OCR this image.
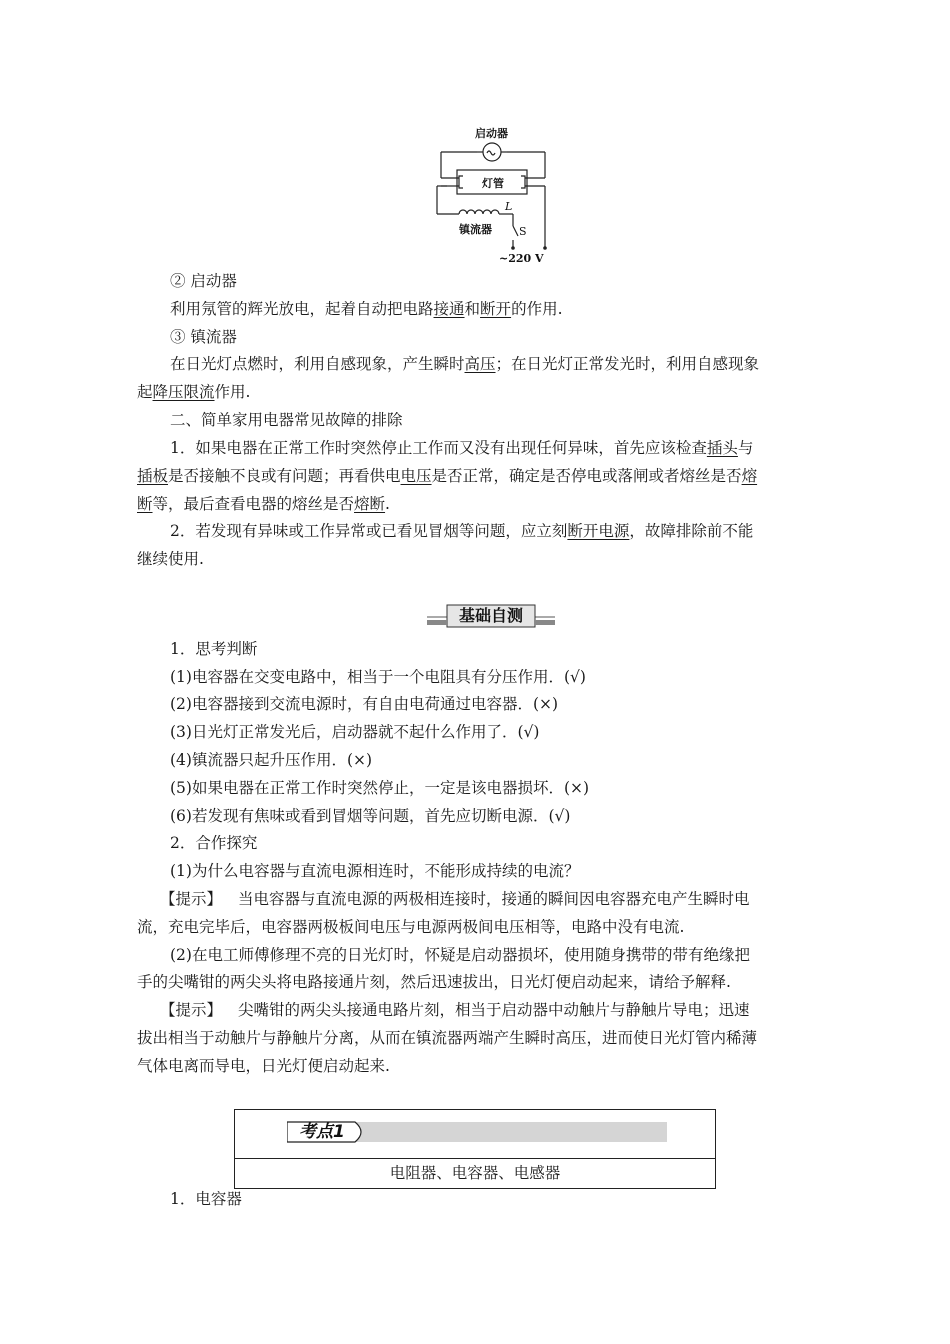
启动器
灯管
L
镇流器 S
~220 V
② 启动器
利用氖管的辉光放电，起着自动把电路接通和断开的作用.
③ 镇流器
在日光灯点燃时，利用自感现象，产生瞬时高压；在日光灯正常发光时，利用自感现象
起降压限流作用.
二、简单家用电器常见故障的排除
1．如果电器在正常工作时突然停止工作而又没有出现任何异味，首先应该检查插头与
插板是否接触不良或有问题；再看供电电压是否正常，确定是否停电或落闸或者熔丝是否熔
断等，最后查看电器的熔丝是否熔断.
2．若发现有异味或工作异常或已看见冒烟等问题，应立刻断开电源，故障排除前不能
继续使用.
基础自测
1．思考判断
(1)电容器在交变电路中，相当于一个电阻具有分压作用．(√)
(2)电容器接到交流电源时，有自由电荷通过电容器．(×)
(3)日光灯正常发光后，启动器就不起什么作用了．(√)
(4)镇流器只起升压作用．(×)
(5)如果电器在正常工作时突然停止，一定是该电器损坏．(×)
(6)若发现有焦味或看到冒烟等问题，首先应切断电源．(√)
2．合作探究
(1)为什么电容器与直流电源相连时，不能形成持续的电流？
【提示】 当电容器与直流电源的两极相连接时，接通的瞬间因电容器充电产生瞬时电
流，充电完毕后，电容器两极板间电压与电源两极间电压相等，电路中没有电流.
(2)在电工师傅修理不亮的日光灯时，怀疑是启动器损坏，使用随身携带的带有绝缘把
手的尖嘴钳的两尖头将电路接通片刻，然后迅速拔出，日光灯便启动起来，请给予解释.
【提示】 尖嘴钳的两尖头接通电路片刻，相当于启动器中动触片与静触片导电；迅速
拔出相当于动触片与静触片分离，从而在镇流器两端产生瞬时高压，进而使日光灯管内稀薄
气体电离而导电，日光灯便启动起来.
考点1
电阻器、电容器、电感器
1．电容器
